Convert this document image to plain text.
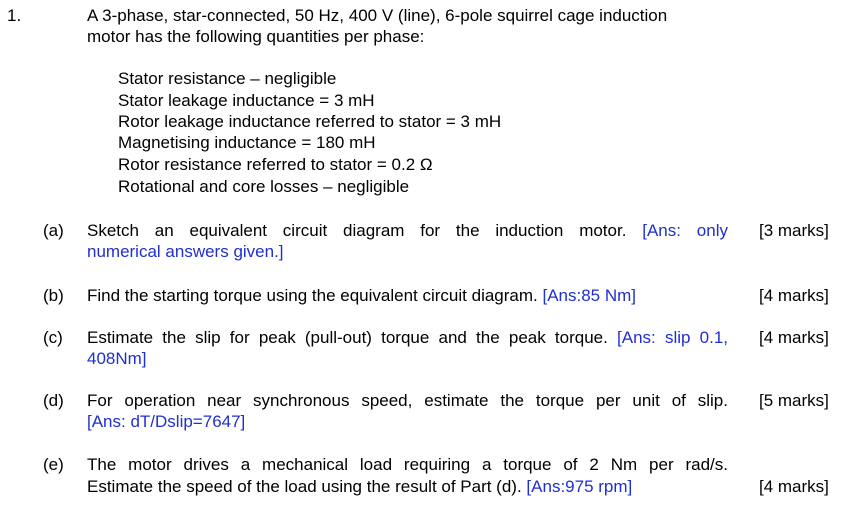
1.	A 3-phase, star-connected, 50 Hz, 400 V (line), 6-pole squirrel cage induction
motor has the following quantities per phase:
Stator resistance – negligible
Stator leakage inductance = 3 mH
Rotor leakage inductance referred to stator = 3 mH
Magnetising inductance = 180 mH
Rotor resistance referred to stator = 0.2 Ω
Rotational and core losses – negligible
(a) Sketch an equivalent circuit diagram for the induction motor. [Ans: only
numerical answers given.]
[3 marks]
(b) Find the starting torque using the equivalent circuit diagram. [Ans:85 Nm]	[4 marks]
(c) Estimate the slip for peak (pull-out) torque and the peak torque. [Ans: slip 0.1,
408Nm]
[4 marks]
(d) For operation near synchronous speed, estimate the torque per unit of slip.
[Ans: dT/Dslip=7647]
[5 marks]
(e) The motor drives a mechanical load requiring a torque of 2 Nm per rad/s.
Estimate the speed of the load using the result of Part (d). [Ans:975 rpm]	[4 marks]
